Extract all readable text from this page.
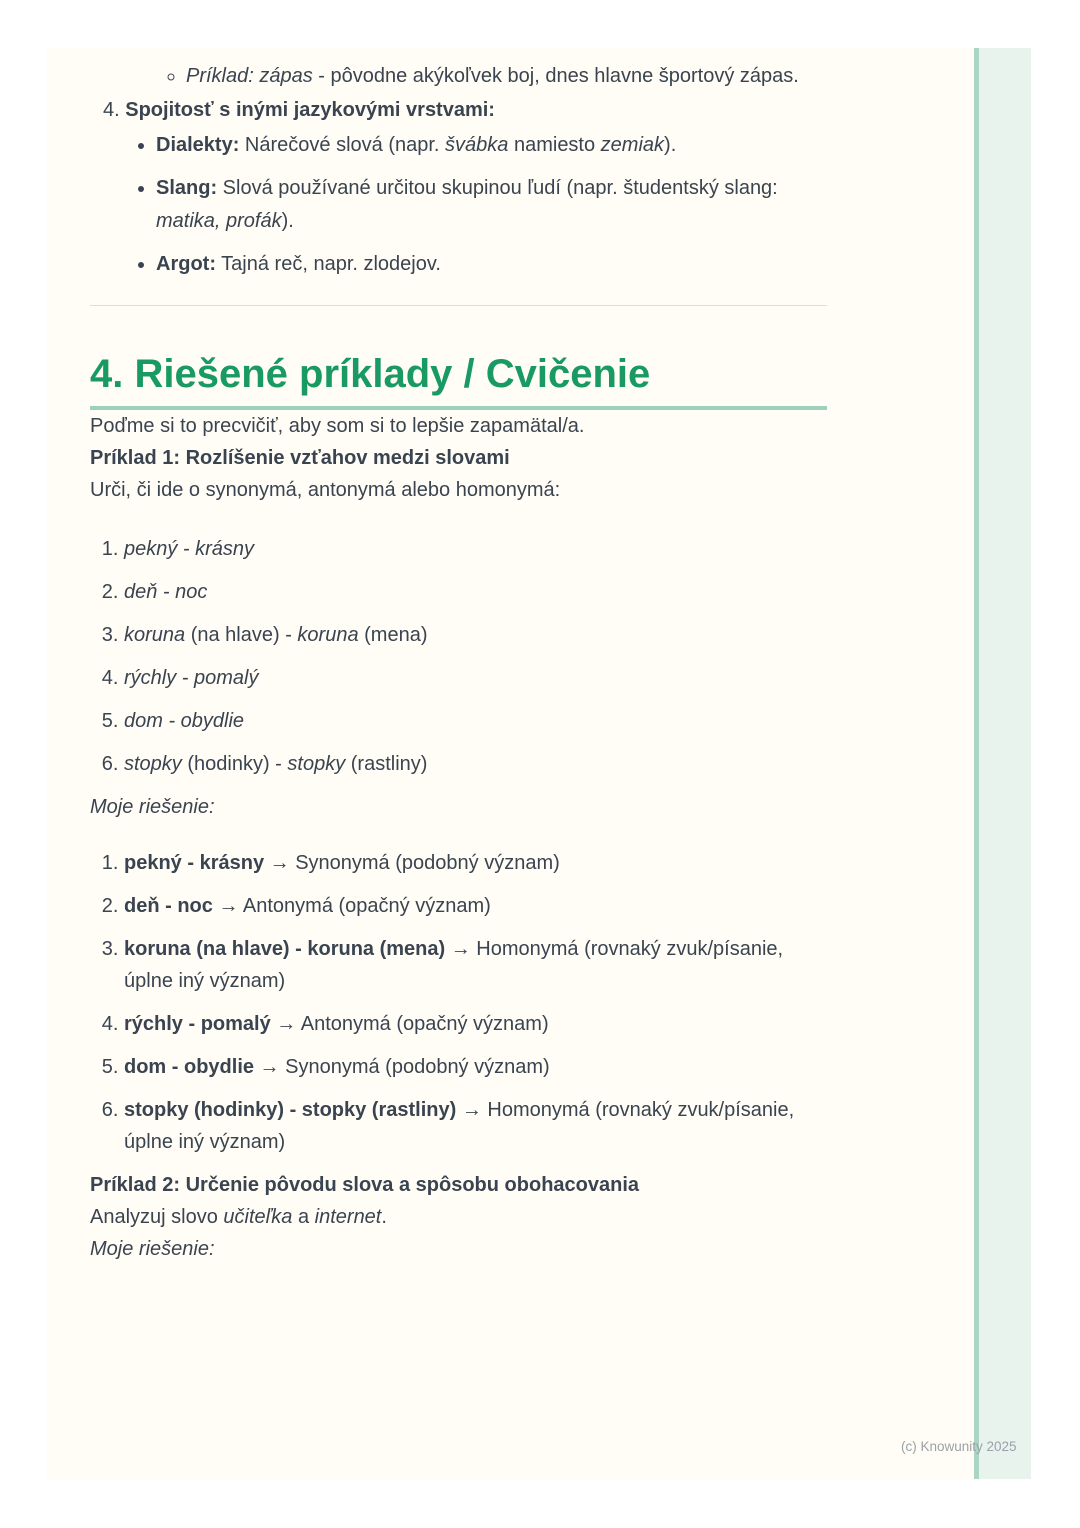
◦ Príklad: zápas - pôvodne akýkoľvek boj, dnes hlavne športový zápas.

4. Spojitosť s inými jazykovými vrstvami:

• Dialekty: Nárečové slová (napr. švábka namiesto zemiak).
• Slang: Slová používané určitou skupinou ľudí (napr. študentský slang: matika, profák).
• Argot: Tajná reč, napr. zlodejov.
4. Riešené príklady / Cvičenie

Poďme si to precvičiť, aby som si to lepšie zapamätal/a.

Príklad 1: Rozlíšenie vzťahov medzi slovami

Urči, či ide o synonymá, antonymá alebo homonymá:

1. pekný - krásny
2. deň - noc
3. koruna (na hlave) - koruna (mena)
4. rýchly - pomalý
5. dom - obydlie
6. stopky (hodinky) - stopky (rastliny)

Moje riešenie:

1. pekný - krásny → Synonymá (podobný význam)
2. deň - noc → Antonymá (opačný význam)
3. koruna (na hlave) - koruna (mena) → Homonymá (rovnaký zvuk/písanie, úplne iný význam)
4. rýchly - pomalý → Antonymá (opačný význam)
5. dom - obydlie → Synonymá (podobný význam)
6. stopky (hodinky) - stopky (rastliny) → Homonymá (rovnaký zvuk/písanie, úplne iný význam)

Príklad 2: Určenie pôvodu slova a spôsobu obohacovania

Analyzuj slovo učiteľka a internet.

Moje riešenie:

(c) Knowunity 2025
